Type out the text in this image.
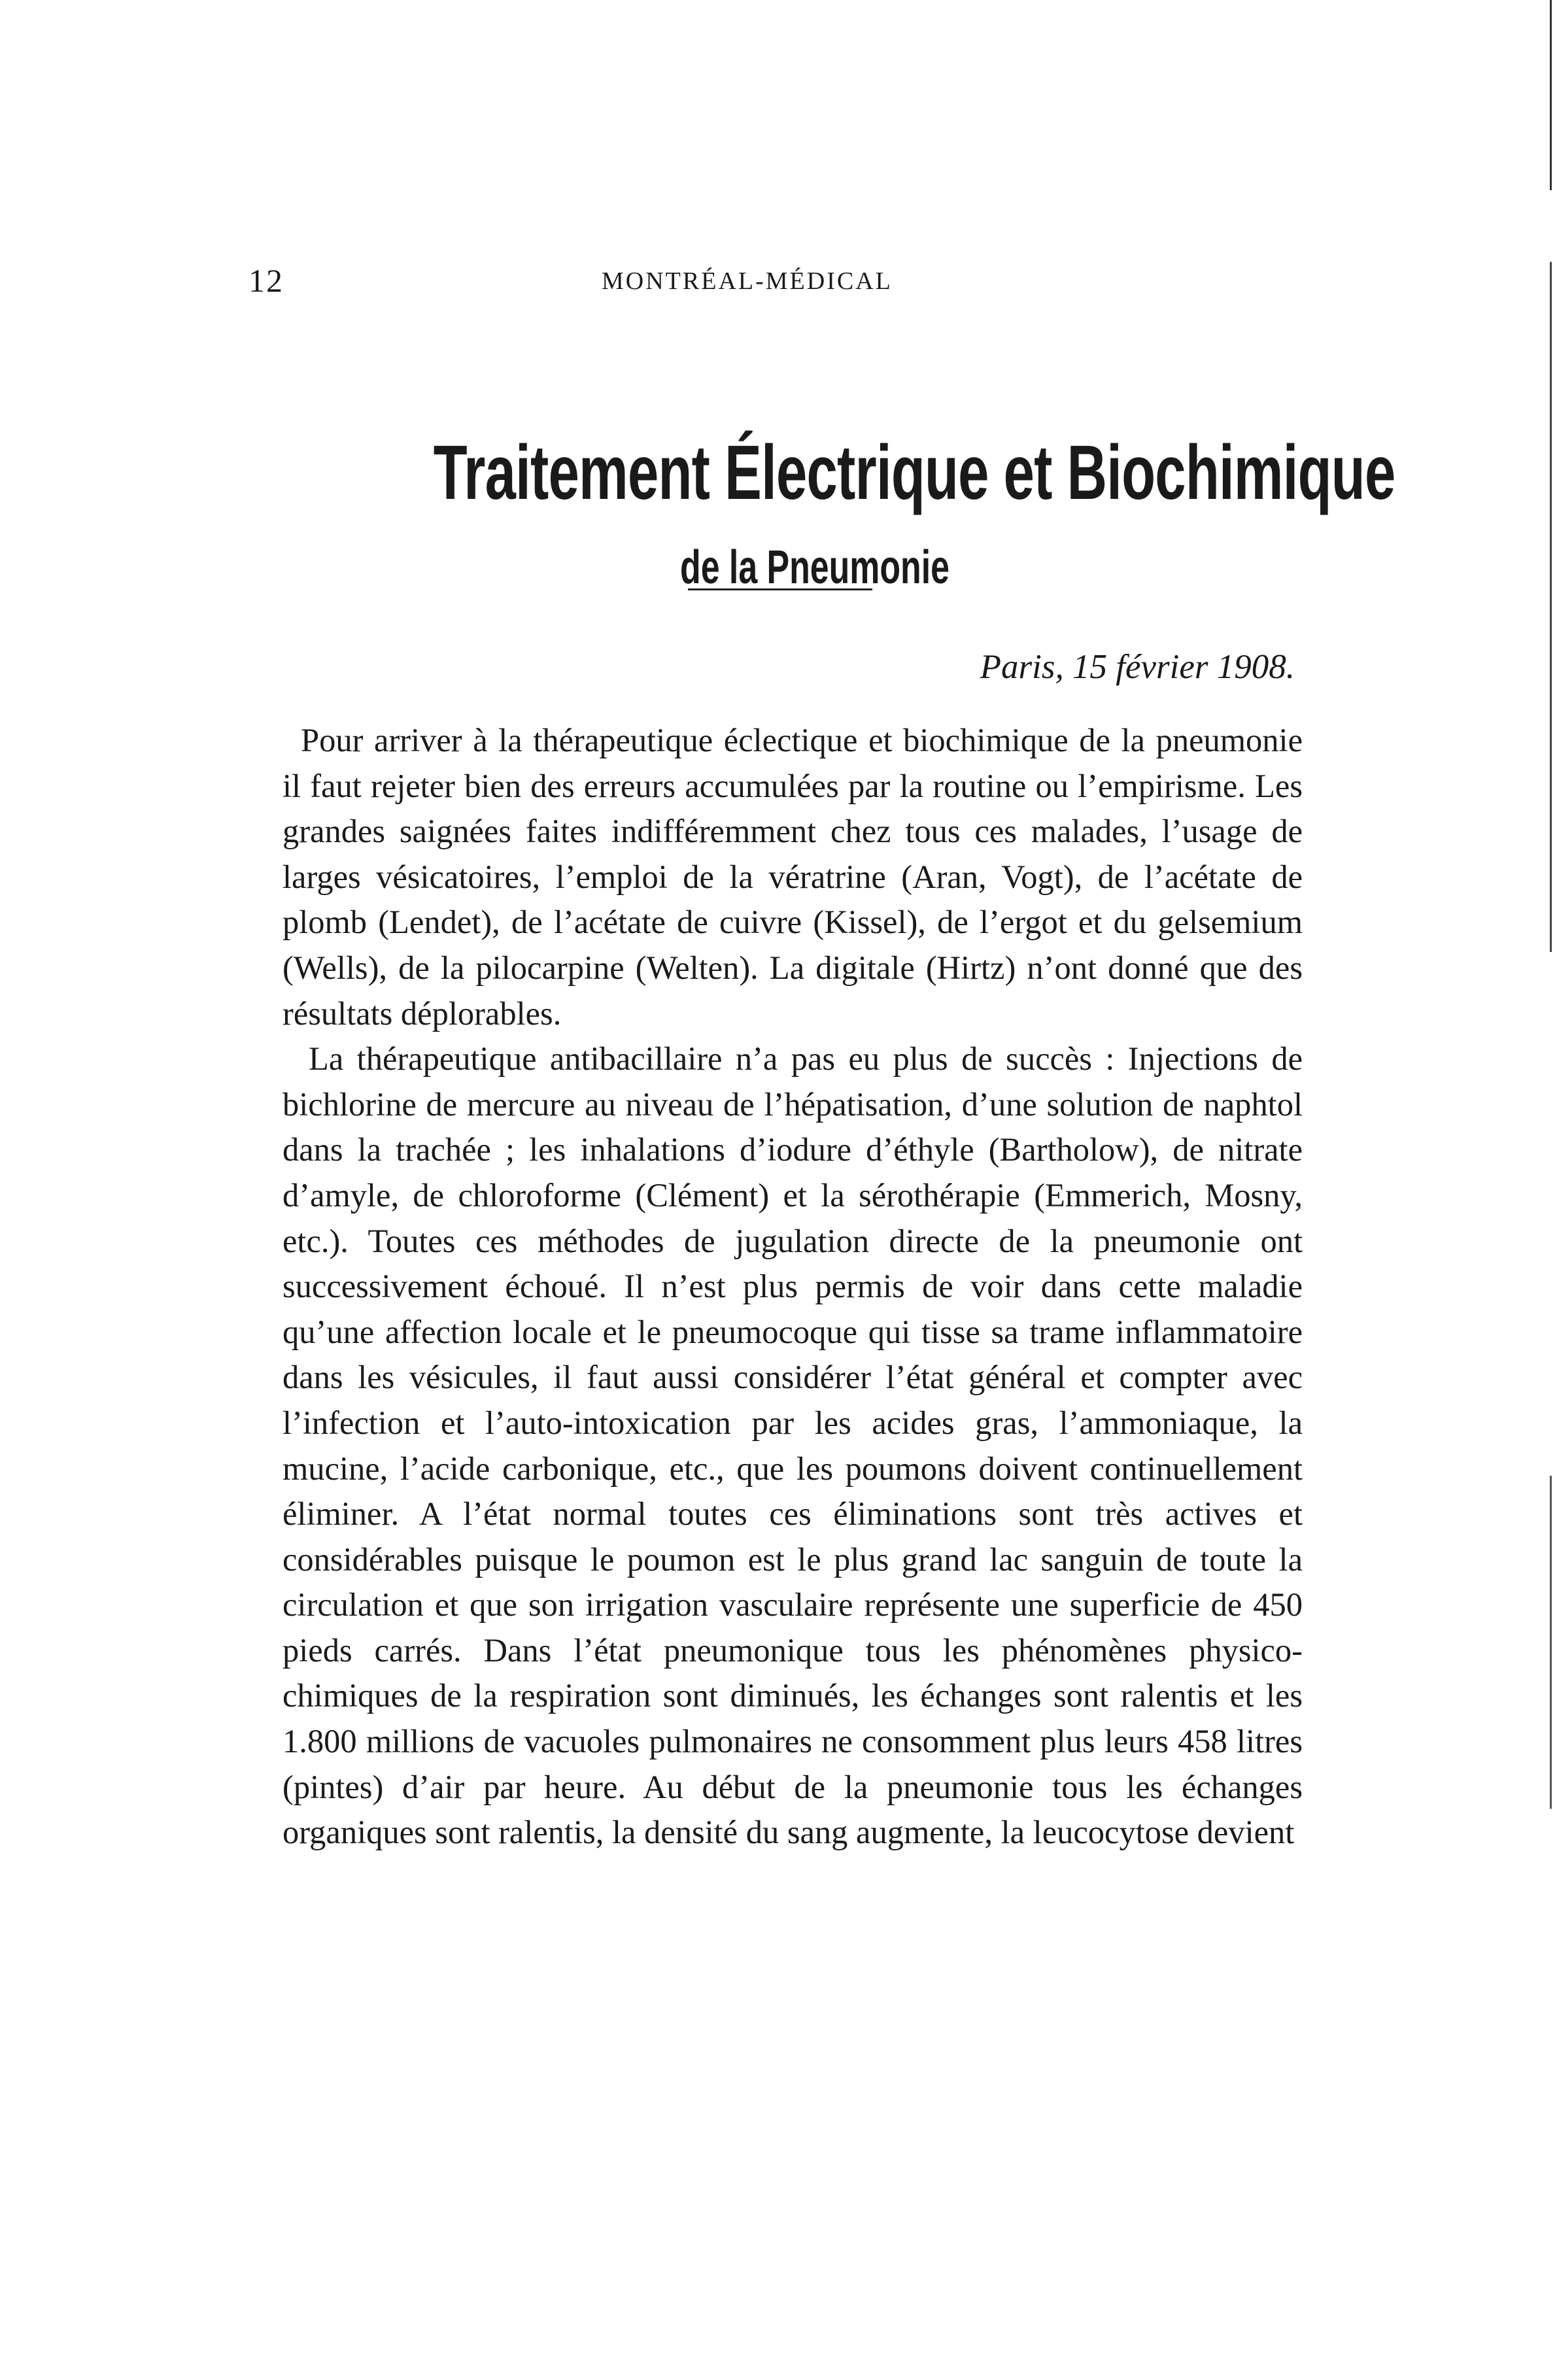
12	MONTRÉAL-MÉDICAL
Traitement Électrique et Biochimique
de la Pneumonie
Paris, 15 février 1908.

Pour arriver à la thérapeutique éclectique et biochimique de la pneumonie il faut rejeter bien des erreurs accumulées par la routine ou l’empirisme. Les grandes saignées faites indifféremment chez tous ces malades, l’usage de larges vésicatoires, l’emploi de la vératrine (Aran, Vogt), de l’acétate de plomb (Lendet), de l’acétate de cuivre (Kissel), de l’ergot et du gelsemium (Wells), de la pilocarpine (Welten). La digitale (Hirtz) n’ont donné que des résultats déplorables.

La thérapeutique antibacillaire n’a pas eu plus de succès : Injections de bichlorine de mercure au niveau de l’hépatisation, d’une solution de naphtol dans la trachée ; les inhalations d’iodure d’éthyle (Bartholow), de nitrate d’amyle, de chloroforme (Clément) et la sérothérapie (Emmerich, Mosny, etc.). Toutes ces méthodes de jugulation directe de la pneumonie ont successivement échoué. Il n’est plus permis de voir dans cette maladie qu’une affection locale et le pneumocoque qui tisse sa trame inflammatoire dans les vésicules, il faut aussi considérer l’état général et compter avec l’infection et l’auto-intoxication par les acides gras, l’ammoniaque, la mucine, l’acide carbonique, etc., que les poumons doivent continuellement éliminer. A l’état normal toutes ces éliminations sont très actives et considérables puisque le poumon est le plus grand lac sanguin de toute la circulation et que son irrigation vasculaire représente une superficie de 450 pieds carrés. Dans l’état pneumonique tous les phénomènes physico-chimiques de la respiration sont diminués, les échanges sont ralentis et les 1.800 millions de vacuoles pulmonaires ne consomment plus leurs 458 litres (pintes) d’air par heure. Au début de la pneumonie tous les échanges organiques sont ralentis, la densité du sang augmente, la leucocytose devient
